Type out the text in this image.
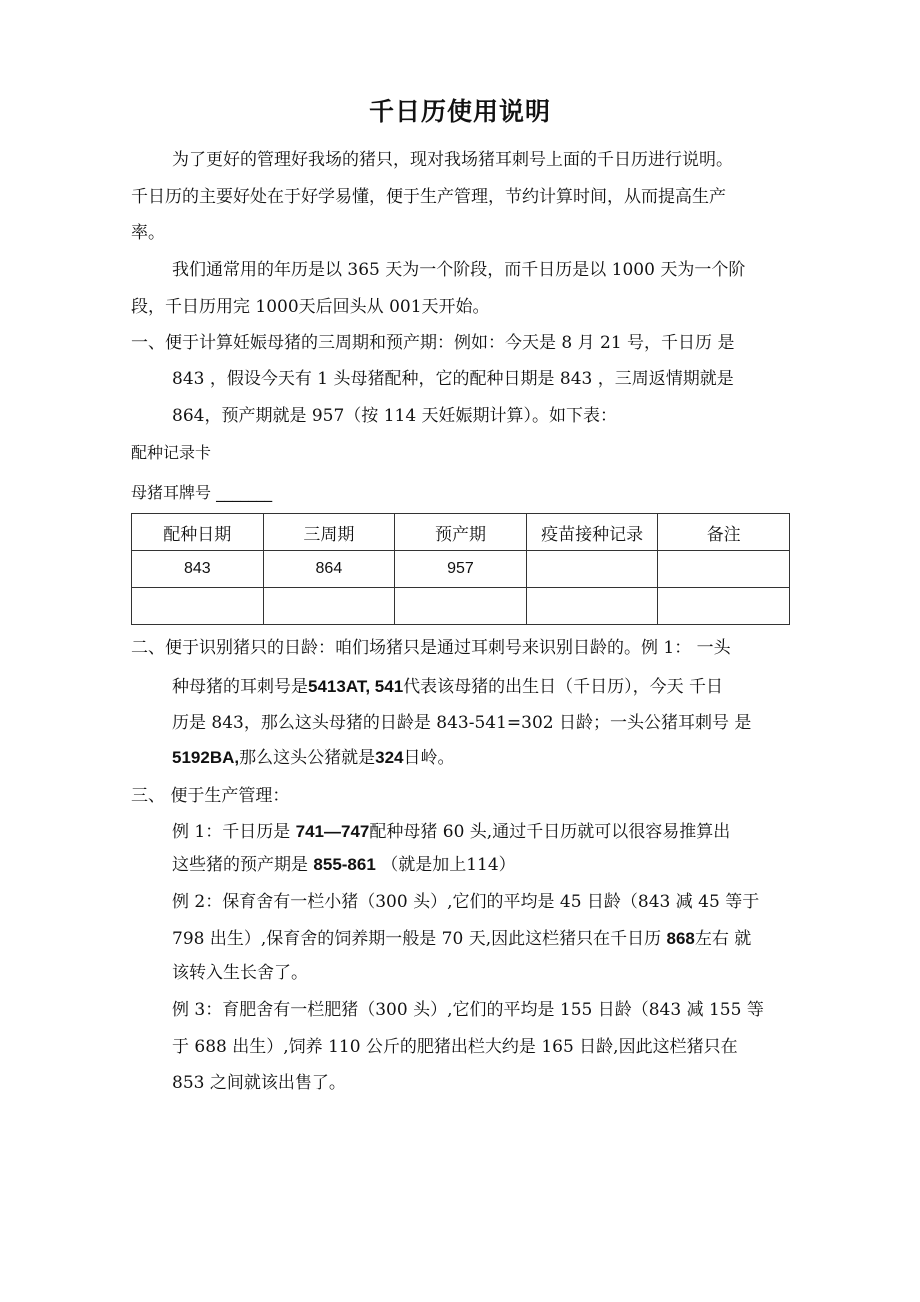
千日历使用说明
为了更好的管理好我场的猪只，现对我场猪耳刺号上面的千日历进行说明。
千日历的主要好处在于好学易懂，便于生产管理，节约计算时间，从而提高生产
率。
我们通常用的年历是以 365 天为一个阶段，而千日历是以 1000 天为一个阶
段，千日历用完 1000天后回头从 001天开始。
一、便于计算妊娠母猪的三周期和预产期：例如：今天是 8 月 21 号，千日历 是
843 ，假设今天有 1 头母猪配种，它的配种日期是 843 ，三周返情期就是
864，预产期就是 957（按 114 天妊娠期计算）。如下表：
配种记录卡
母猪耳牌号 _______
配种日期	三周期	预产期	疫苗接种记录	备注
843	864	957		

二、便于识别猪只的日龄：咱们场猪只是通过耳刺号来识别日龄的。例 1： 一头
种母猪的耳刺号是5413AT, 541代表该母猪的出生日（千日历），今天 千日
历是 843，那么这头母猪的日龄是 843-541=302 日龄；一头公猪耳刺号 是
5192BA,那么这头公猪就是324日岭。
三、 便于生产管理：
例 1：千日历是 741—747配种母猪 60 头,通过千日历就可以很容易推算出
这些猪的预产期是 855-861 （就是加上114）
例 2：保育舍有一栏小猪（300 头）,它们的平均是 45 日龄（843 减 45 等于
798 出生）,保育舍的饲养期一般是 70 天,因此这栏猪只在千日历 868左右 就
该转入生长舍了。
例 3：育肥舍有一栏肥猪（300 头）,它们的平均是 155 日龄（843 减 155 等
于 688 出生）,饲养 110 公斤的肥猪出栏大约是 165 日龄,因此这栏猪只在
853 之间就该出售了。
